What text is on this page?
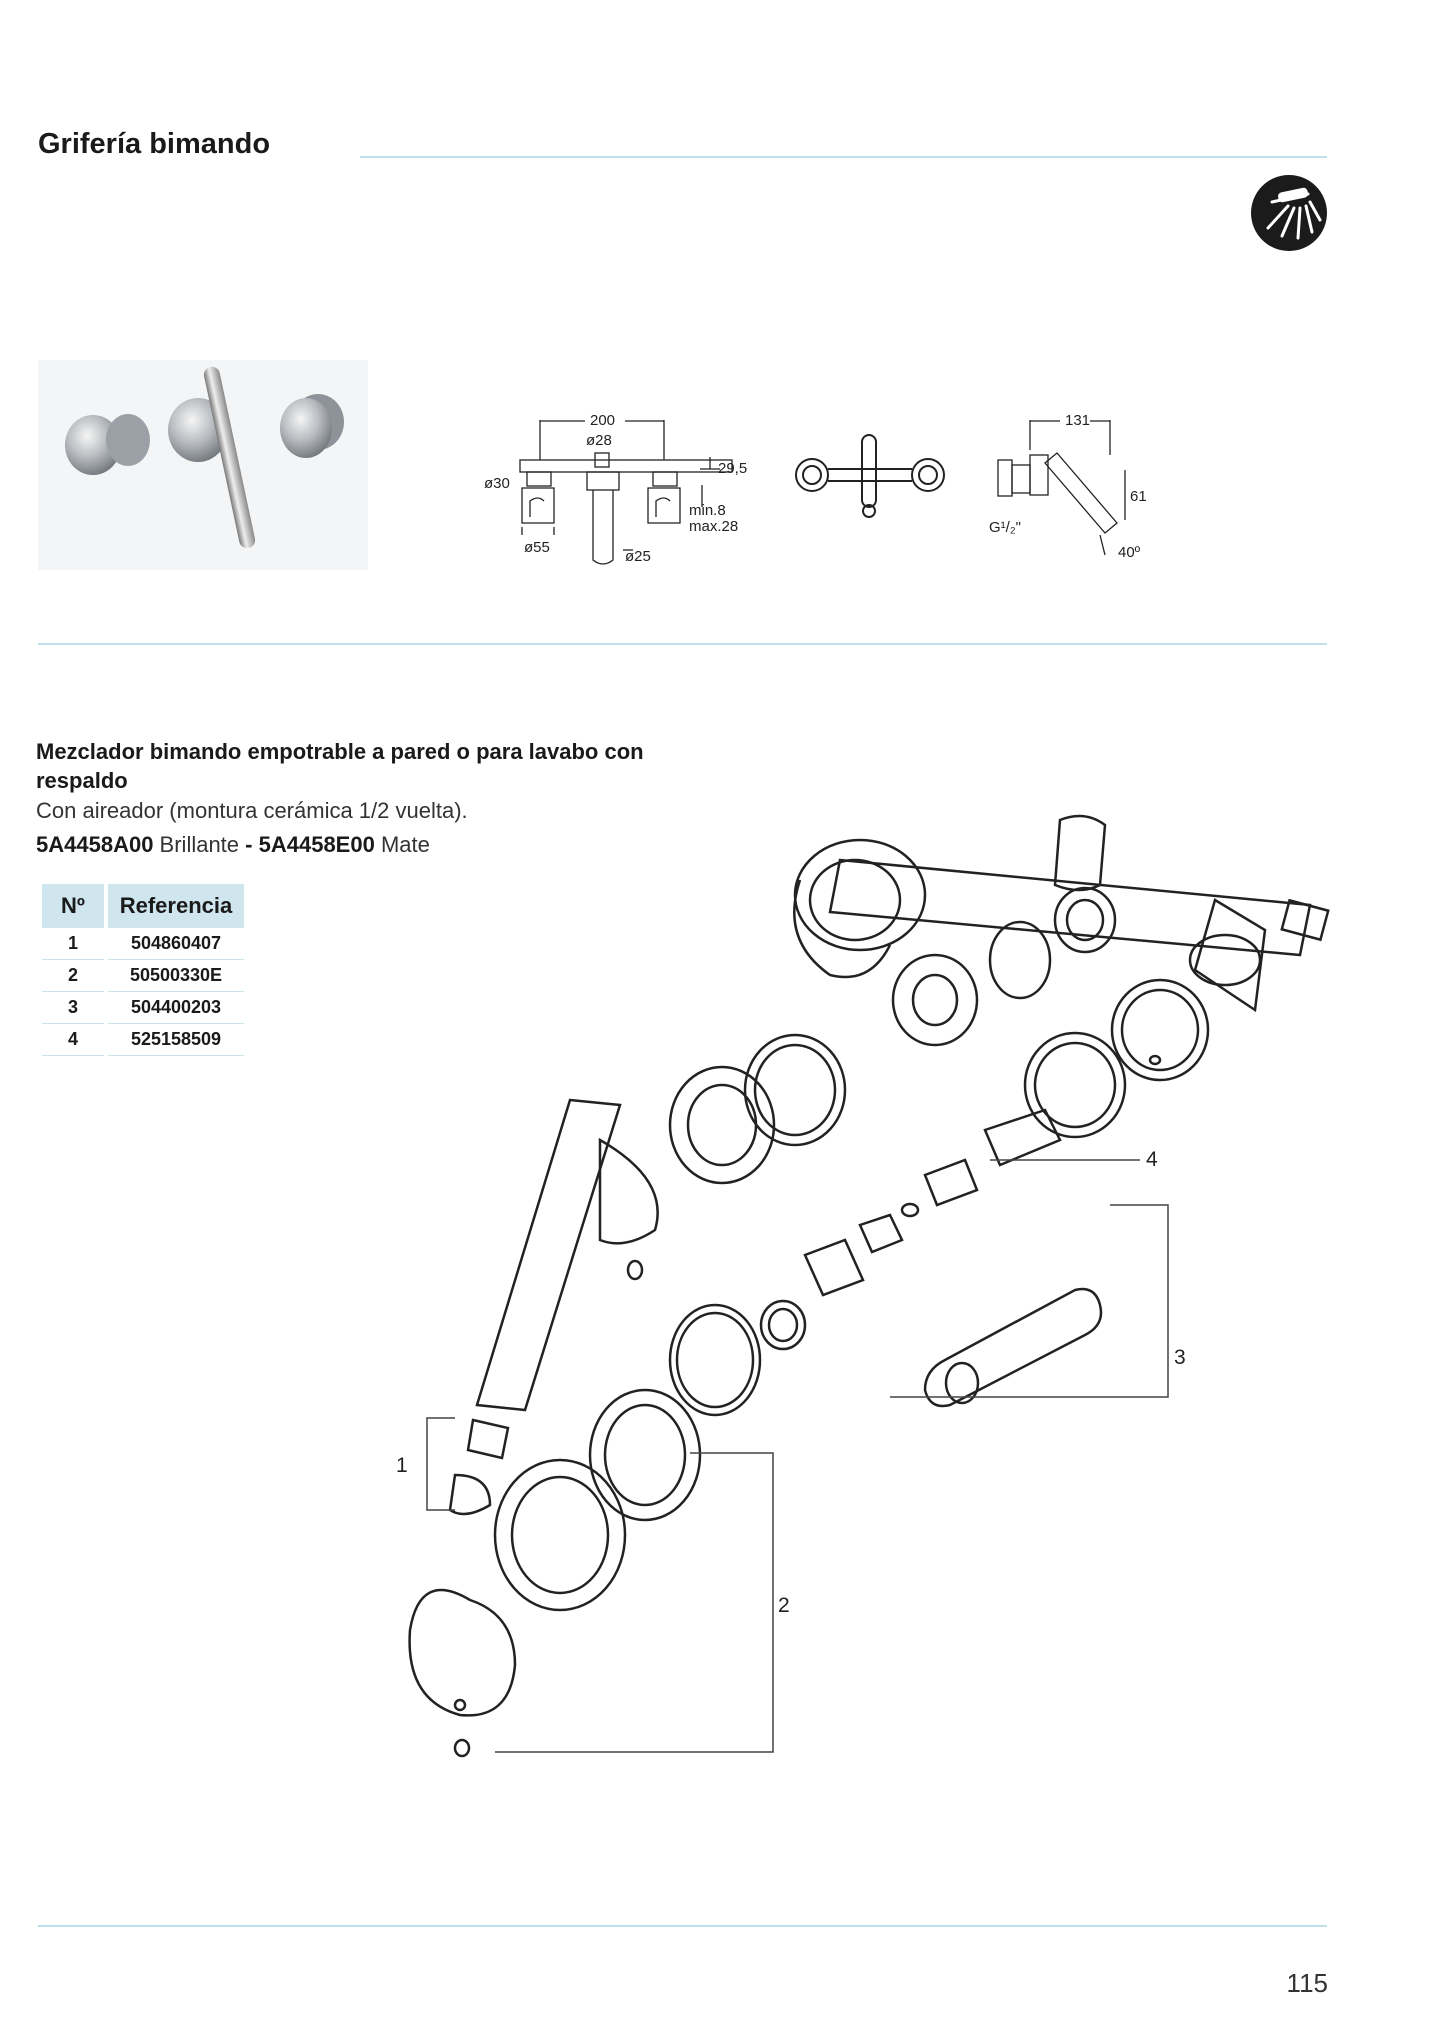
Grifería bimando
200
ø28
ø30
29,5
min.8
max.28
ø55
ø25
131
61
G¹/₂"
40º
Mezclador bimando empotrable a pared o para lavabo con respaldo
Con aireador (montura cerámica 1/2 vuelta).
5A4458A00 Brillante - 5A4458E00 Mate
Nº	Referencia
1	504860407
2	50500330E
3	504400203
4	525158509
4
3
2
1
115
